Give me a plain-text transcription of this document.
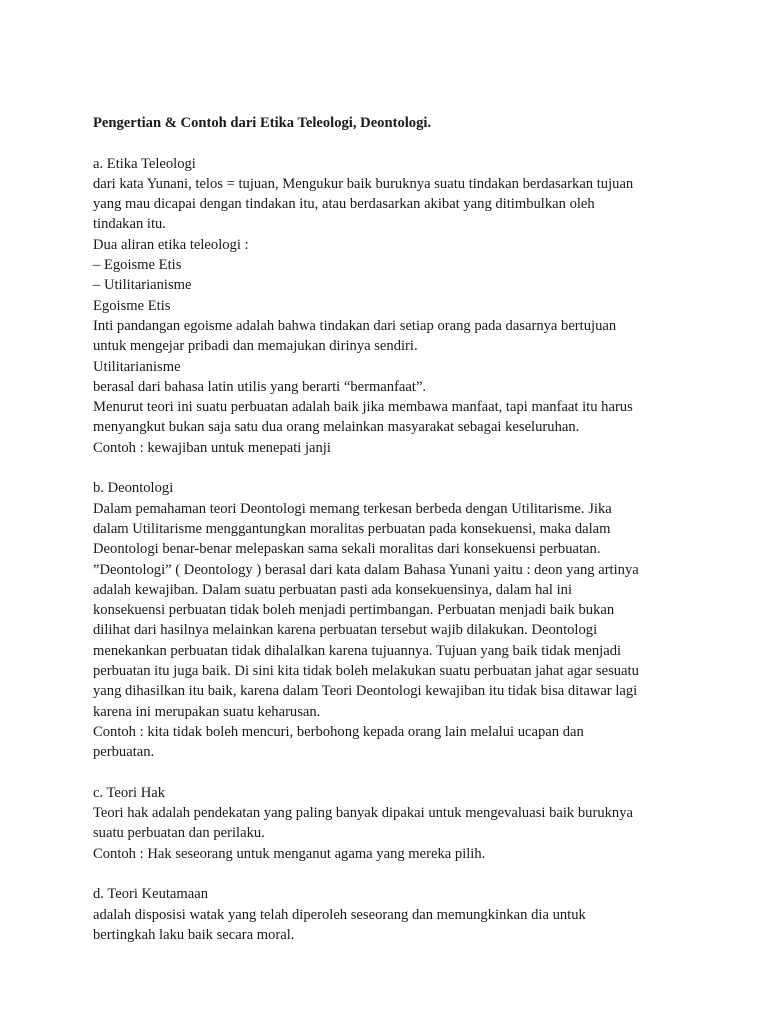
Pengertian & Contoh dari Etika Teleologi, Deontologi.

a. Etika Teleologi
dari kata Yunani, telos = tujuan, Mengukur baik buruknya suatu tindakan berdasarkan tujuan
yang mau dicapai dengan tindakan itu, atau berdasarkan akibat yang ditimbulkan oleh
tindakan itu.
Dua aliran etika teleologi :
– Egoisme Etis
– Utilitarianisme
Egoisme Etis
Inti pandangan egoisme adalah bahwa tindakan dari setiap orang pada dasarnya bertujuan
untuk mengejar pribadi dan memajukan dirinya sendiri.
Utilitarianisme
berasal dari bahasa latin utilis yang berarti “bermanfaat”.
Menurut teori ini suatu perbuatan adalah baik jika membawa manfaat, tapi manfaat itu harus
menyangkut bukan saja satu dua orang melainkan masyarakat sebagai keseluruhan.
Contoh : kewajiban untuk menepati janji
b. Deontologi
Dalam pemahaman teori Deontologi memang terkesan berbeda dengan Utilitarisme. Jika
dalam Utilitarisme menggantungkan moralitas perbuatan pada konsekuensi, maka dalam
Deontologi benar-benar melepaskan sama sekali moralitas dari konsekuensi perbuatan.
”Deontologi” ( Deontology ) berasal dari kata dalam Bahasa Yunani yaitu : deon yang artinya
adalah kewajiban. Dalam suatu perbuatan pasti ada konsekuensinya, dalam hal ini
konsekuensi perbuatan tidak boleh menjadi pertimbangan. Perbuatan menjadi baik bukan
dilihat dari hasilnya melainkan karena perbuatan tersebut wajib dilakukan. Deontologi
menekankan perbuatan tidak dihalalkan karena tujuannya. Tujuan yang baik tidak menjadi
perbuatan itu juga baik. Di sini kita tidak boleh melakukan suatu perbuatan jahat agar sesuatu
yang dihasilkan itu baik, karena dalam Teori Deontologi kewajiban itu tidak bisa ditawar lagi
karena ini merupakan suatu keharusan.
Contoh : kita tidak boleh mencuri, berbohong kepada orang lain melalui ucapan dan
perbuatan.
c. Teori Hak
Teori hak adalah pendekatan yang paling banyak dipakai untuk mengevaluasi baik buruknya
suatu perbuatan dan perilaku.
Contoh : Hak seseorang untuk menganut agama yang mereka pilih.
d. Teori Keutamaan
adalah disposisi watak yang telah diperoleh seseorang dan memungkinkan dia untuk
bertingkah laku baik secara moral.
